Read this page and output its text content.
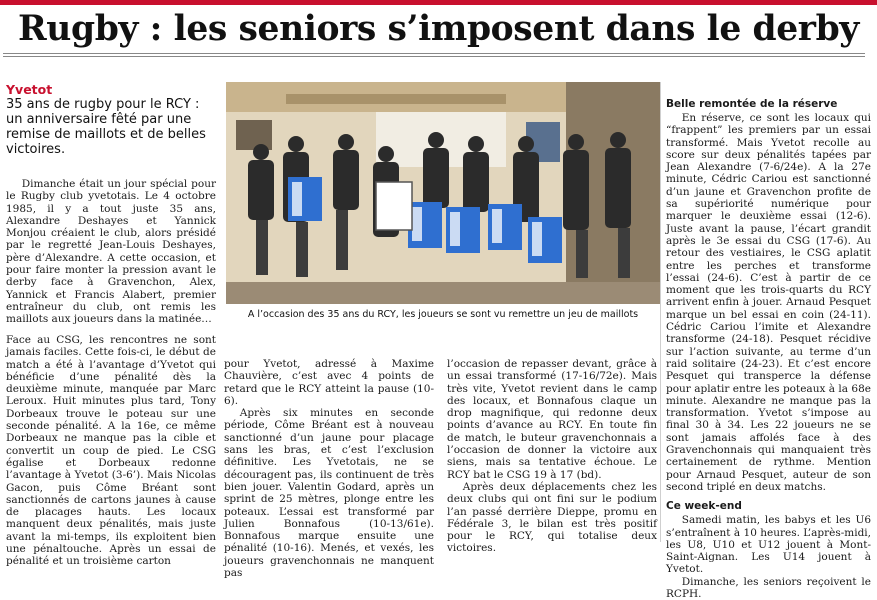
Rugby : les seniors s’imposent dans le derby
Yvetot
35 ans de rugby pour le RCY : un anniversaire fêté par une remise de maillots et de belles victoires.

Dimanche était un jour spécial pour le Rugby club yvetotais. Le 4 octobre 1985, il y a tout juste 35 ans, Alexandre Deshayes et Yannick Monjou créaient le club, alors présidé par le regretté Jean-Louis Deshayes, père d’Alexandre. A cette occasion, et pour faire monter la pression avant le derby face à Gravenchon, Alex, Yannick et Francis Alabert, premier entraîneur du club, ont remis les maillots aux joueurs dans la matinée…

Face au CSG, les rencontres ne sont jamais faciles. Cette fois-ci, le début de match a été à l’avantage d’Yvetot qui bénéficie d’une pénalité dès la deuxième minute, manquée par Marc Leroux. Huit minutes plus tard, Tony Dorbeaux trouve le poteau sur une seconde pénalité. A la 16e, ce même Dorbeaux ne manque pas la cible et convertit un coup de pied. Le CSG égalise et Dorbeaux redonne l’avantage à Yvetot (3-6’). Mais Nicolas Gacon, puis Côme Bréant sont sanctionnés de cartons jaunes à cause de placages hauts. Les locaux manquent deux pénalités, mais juste avant la mi-temps, ils exploitent bien une pénaltouche. Après un essai de pénalité et un troisième carton

A l’occasion des 35 ans du RCY, les joueurs se sont vu remettre un jeu de maillots

pour Yvetot, adressé à Maxime Chauvière, c’est avec 4 points de retard que le RCY atteint la pause (10-6).

Après six minutes en seconde période, Côme Bréant est à nouveau sanctionné d’un jaune pour placage sans les bras, et c’est l’exclusion définitive. Les Yvetotais, ne se découragent pas, ils continuent de très bien jouer. Valentin Godard, après un sprint de 25 mètres, plonge entre les poteaux. L’essai est transformé par Julien Bonnafous (10-13/61e). Bonnafous marque ensuite une pénalité (10-16). Menés, et vexés, les joueurs gravenchonnais ne manquent pas

l’occasion de repasser devant, grâce à un essai transformé (17-16/72e). Mais très vite, Yvetot revient dans le camp des locaux, et Bonnafous claque un drop magnifique, qui redonne deux points d’avance au RCY. En toute fin de match, le buteur gravenchonnais a l’occasion de donner la victoire aux siens, mais sa tentative échoue. Le RCY bat le CSG 19 à 17 (bd).

Après deux déplacements chez les deux clubs qui ont fini sur le podium l’an passé derrière Dieppe, promu en Fédérale 3, le bilan est très positif pour le RCY, qui totalise deux victoires.

Belle remontée de la réserve

En réserve, ce sont les locaux qui “frappent” les premiers par un essai transformé. Mais Yvetot recolle au score sur deux pénalités tapées par Jean Alexandre (7-6/24e). A la 27e minute, Cédric Cariou est sanctionné d’un jaune et Gravenchon profite de sa supériorité numérique pour marquer le deuxième essai (12-6). Juste avant la pause, l’écart grandit après le 3e essai du CSG (17-6). Au retour des vestiaires, le CSG aplatit entre les perches et transforme l’essai (24-6). C’est à partir de ce moment que les trois-quarts du RCY arrivent enfin à jouer. Arnaud Pesquet marque un bel essai en coin (24-11). Cédric Cariou l’imite et Alexandre transforme (24-18). Pesquet récidive sur l’action suivante, au terme d’un raid solitaire (24-23). Et c’est encore Pesquet qui transperce la défense pour aplatir entre les poteaux à la 68e minute. Alexandre ne manque pas la transformation. Yvetot s’impose au final 30 à 34. Les 22 joueurs ne se sont jamais affolés face à des Gravenchonnais qui manquaient très certainement de rythme. Mention pour Arnaud Pesquet, auteur de son second triplé en deux matchs.

Ce week-end

Samedi matin, les babys et les U6 s’entraînent à 10 heures. L’après-midi, les U8, U10 et U12 jouent à Mont-Saint-Aignan. Les U14 jouent à Yvetot.

Dimanche, les seniors reçoivent le RCPH.
